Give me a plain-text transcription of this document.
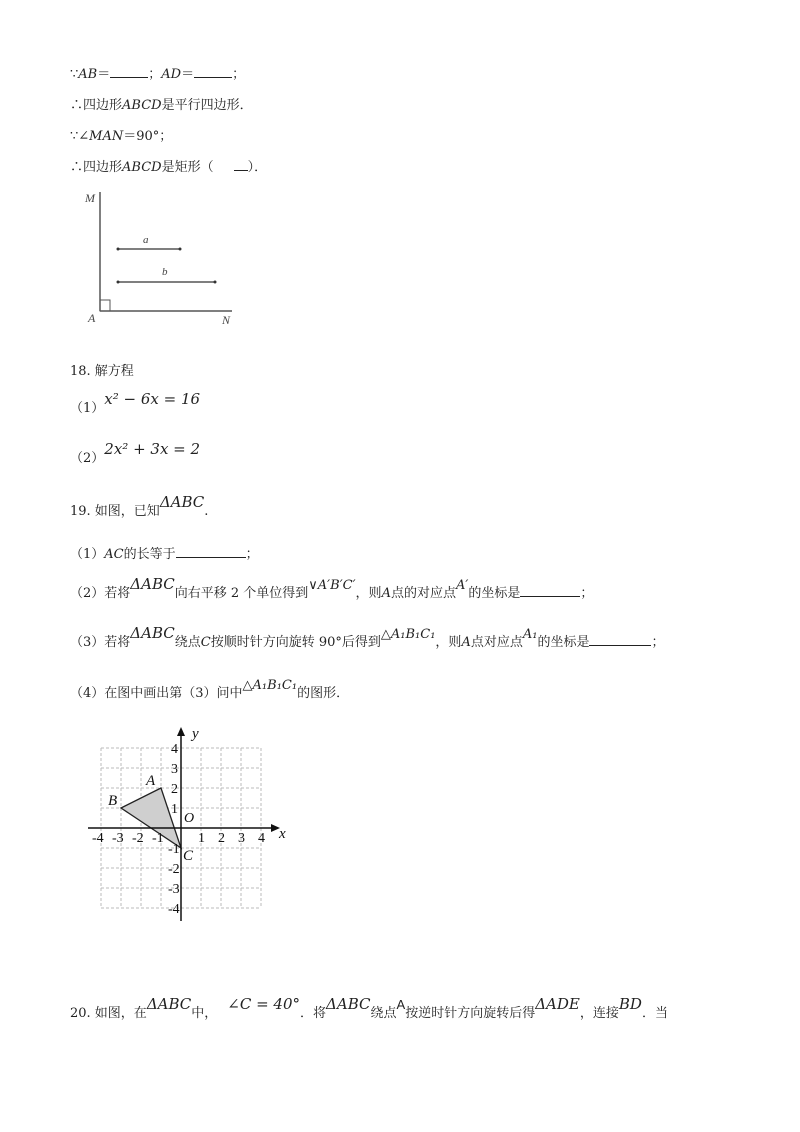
∵AB＝	；AD＝	；
∴四边形ABCD是平行四边形．
∵∠MAN＝90°；
∴四边形ABCD是矩形（	）．
M
A	N
a
b
18. 解方程
（1）x² − 6x = 16
（2）2x² + 3x = 2
19. 如图，已知ΔABC.
（1）AC的长等于	；
（2）若将ΔABC向右平移 2 个单位得到∨A′B′C′，则A点的对应点A′的坐标是	；
（3）若将ΔABC绕点C按顺时针方向旋转 90°后得到△A₁B₁C₁，则A点对应点A₁的坐标是	；
（4）在图中画出第（3）问中△A₁B₁C₁的图形．
x
y
O
A
B
C
-4 -3 -2 -1 1 2 3 4
4
3
2
1
-1
-2
-3
-4
20. 如图，在ΔABC中，∠C = 40°．将ΔABC绕点A按逆时针方向旋转后得ΔADE，连接BD．当
